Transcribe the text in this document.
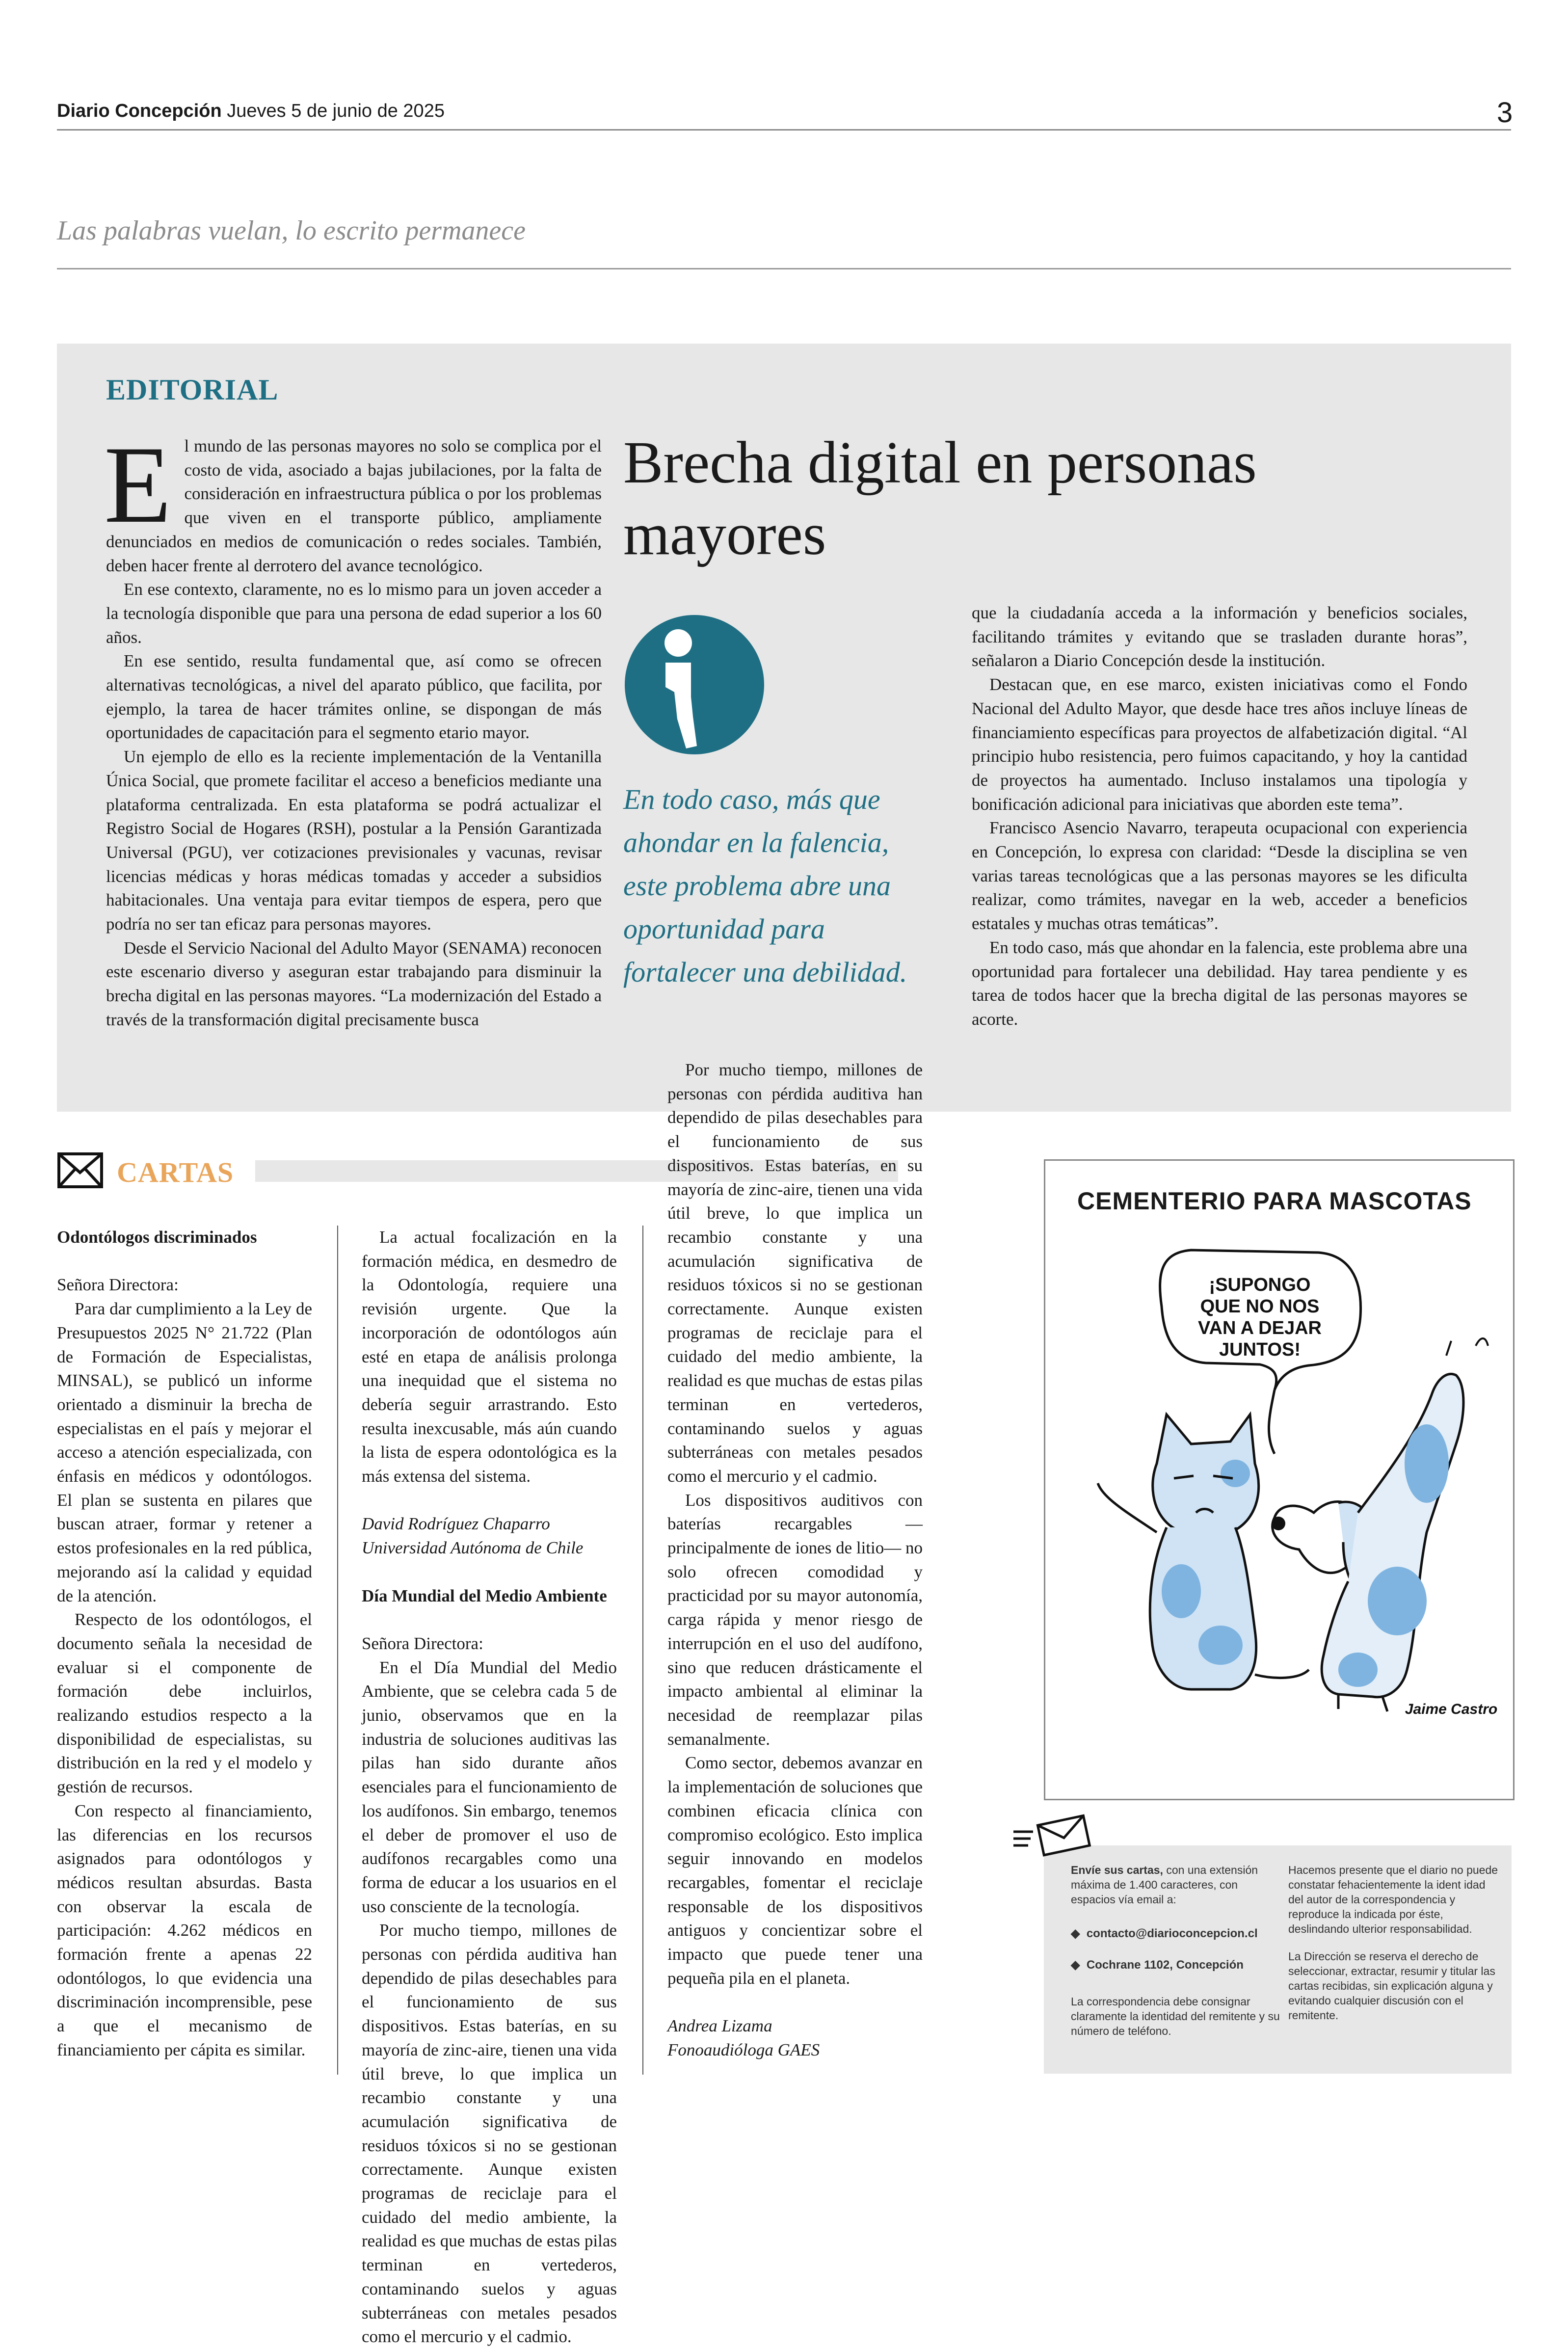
Diario Concepción Jueves 5 de junio de 2025	3
Las palabras vuelan, lo escrito permanece
EDITORIAL
E l mundo de las personas mayores no solo se complica por el costo de vida, asociado a bajas jubilaciones, por la falta de consideración en infraestructura pública o por los problemas que viven en el transporte público, ampliamente denunciados en medios de comunicación o redes sociales. También, deben hacer frente al derrotero del avance tecnológico.

En ese contexto, claramente, no es lo mismo para un joven acceder a la tecnología disponible que para una persona de edad superior a los 60 años.

En ese sentido, resulta fundamental que, así como se ofrecen alternativas tecnológicas, a nivel del aparato público, que facilita, por ejemplo, la tarea de hacer trámites online, se dispongan de más oportunidades de capacitación para el segmento etario mayor.

Un ejemplo de ello es la reciente implementación de la Ventanilla Única Social, que promete facilitar el acceso a beneficios mediante una plataforma centralizada. En esta plataforma se podrá actualizar el Registro Social de Hogares (RSH), postular a la Pensión Garantizada Universal (PGU), ver cotizaciones previsionales y vacunas, revisar licencias médicas y horas médicas tomadas y acceder a subsidios habitacionales. Una ventaja para evitar tiempos de espera, pero que podría no ser tan eficaz para personas mayores.

Desde el Servicio Nacional del Adulto Mayor (SENAMA) reconocen este escenario diverso y aseguran estar trabajando para disminuir la brecha digital en las personas mayores. “La modernización del Estado a través de la transformación digital precisamente busca

Brecha digital en personas mayores
En todo caso, más que ahondar en la falencia, este problema abre una oportunidad para fortalecer una debilidad.

que la ciudadanía acceda a la información y beneficios sociales, facilitando trámites y evitando que se trasladen durante horas”, señalaron a Diario Concepción desde la institución.

Destacan que, en ese marco, existen iniciativas como el Fondo Nacional del Adulto Mayor, que desde hace tres años incluye líneas de financiamiento específicas para proyectos de alfabetización digital. “Al principio hubo resistencia, pero fuimos capacitando, y hoy la cantidad de proyectos ha aumentado. Incluso instalamos una tipología y bonificación adicional para iniciativas que aborden este tema”.

Francisco Asencio Navarro, terapeuta ocupacional con experiencia en Concepción, lo expresa con claridad: “Desde la disciplina se ven varias tareas tecnológicas que a las personas mayores se les dificulta realizar, como trámites, navegar en la web, acceder a beneficios estatales y muchas otras temáticas”.

En todo caso, más que ahondar en la falencia, este problema abre una oportunidad para fortalecer una debilidad. Hay tarea pendiente y es tarea de todos hacer que la brecha digital de las personas mayores se acorte.

CARTAS

Odontólogos discriminados

Señora Directora:

Para dar cumplimiento a la Ley de Presupuestos 2025 N° 21.722 (Plan de Formación de Especialistas, MINSAL), se publicó un informe orientado a disminuir la brecha de especialistas en el país y mejorar el acceso a atención especializada, con énfasis en médicos y odontólogos. El plan se sustenta en pilares que buscan atraer, formar y retener a estos profesionales en la red pública, mejorando así la calidad y equidad de la atención.

Respecto de los odontólogos, el documento señala la necesidad de evaluar si el componente de formación debe incluirlos, realizando estudios respecto a la disponibilidad de especialistas, su distribución en la red y el modelo y gestión de recursos.

Con respecto al financiamiento, las diferencias en los recursos asignados para odontólogos y médicos resultan absurdas. Basta con observar la escala de participación: 4.262 médicos en formación frente a apenas 22 odontólogos, lo que evidencia una discriminación incomprensible, pese a que el mecanismo de financiamiento per cápita es similar.

La actual focalización en la formación médica, en desmedro de la Odontología, requiere una revisión urgente. Que la incorporación de odontólogos aún esté en etapa de análisis prolonga una inequidad que el sistema no debería seguir arrastrando. Esto resulta inexcusable, más aún cuando la lista de espera odontológica es la más extensa del sistema.

David Rodríguez Chaparro

Universidad Autónoma de Chile

Día Mundial del Medio Ambiente

Señora Directora:

En el Día Mundial del Medio Ambiente, que se celebra cada 5 de junio, observamos que en la industria de soluciones auditivas las pilas han sido durante años esenciales para el funcionamiento de los audífonos. Sin embargo, tenemos el deber de promover el uso de audífonos recargables como una forma de educar a los usuarios en el uso consciente de la tecnología.

Por mucho tiempo, millones de personas con pérdida auditiva han dependido de pilas desechables para el funcionamiento de sus dispositivos. Estas baterías, en su mayoría de zinc-aire, tienen una vida útil breve, lo que implica un recambio constante y una acumulación significativa de residuos tóxicos si no se gestionan correctamente. Aunque existen programas de reciclaje para el cuidado del medio ambiente, la realidad es que muchas de estas pilas terminan en vertederos, contaminando suelos y aguas subterráneas con metales pesados como el mercurio y el cadmio.

Por mucho tiempo, millones de personas con pérdida auditiva han dependido de pilas desechables para el funcionamiento de sus dispositivos. Estas baterías, en su mayoría de zinc-aire, tienen una vida útil breve, lo que implica un recambio constante y una acumulación significativa de residuos tóxicos si no se gestionan correctamente. Aunque existen programas de reciclaje para el cuidado del medio ambiente, la realidad es que muchas de estas pilas terminan en vertederos, contaminando suelos y aguas subterráneas con metales pesados como el mercurio y el cadmio.

Los dispositivos auditivos con baterías recargables —principalmente de iones de litio— no solo ofrecen comodidad y practicidad por su mayor autonomía, carga rápida y menor riesgo de interrupción en el uso del audífono, sino que reducen drásticamente el impacto ambiental al eliminar la necesidad de reemplazar pilas semanalmente.

Como sector, debemos avanzar en la implementación de soluciones que combinen eficacia clínica con compromiso ecológico. Esto implica seguir innovando en modelos recargables, fomentar el reciclaje responsable de los dispositivos antiguos y concientizar sobre el impacto que puede tener una pequeña pila en el planeta.

Andrea Lizama

Fonoaudióloga GAES

CEMENTERIO PARA MASCOTAS
¡SUPONGO
QUE NO NOS
VAN A DEJAR
JUNTOS!
Jaime Castro
Envíe sus cartas, con una extensión máxima de 1.400 caracteres, con espacios vía email a:
◆ contacto@diarioconcepcion.cl
◆ Cochrane 1102, Concepción
La correspondencia debe consignar claramente la identidad del remitente y su número de teléfono.
Hacemos presente que el diario no puede constatar fehacientemente la ident idad del autor de la correspondencia y reproduce la indicada por éste, deslindando ulterior responsabilidad.
La Dirección se reserva el derecho de seleccionar, extractar, resumir y titular las cartas recibidas, sin explicación alguna y evitando cualquier discusión con el remitente.
